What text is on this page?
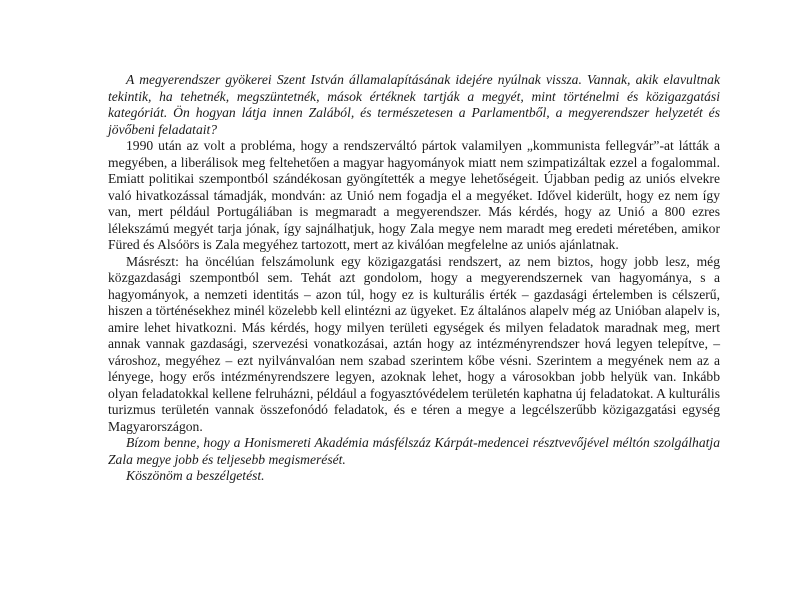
A megyerendszer gyökerei Szent István államalapításának idejére nyúlnak vissza. Vannak, akik elavultnak tekintik, ha tehetnék, megszüntetnék, mások értéknek tartják a megyét, mint történelmi és közigazgatási kategóriát. Ön hogyan látja innen Zalából, és természetesen a Parlamentből, a megyerendszer helyzetét és jövőbeni feladatait?

1990 után az volt a probléma, hogy a rendszerváltó pártok valamilyen „kommunista fellegvár”-at látták a megyében, a liberálisok meg feltehetően a magyar hagyományok miatt nem szimpatizáltak ezzel a fogalommal. Emiatt politikai szempontból szándékosan gyöngítették a megye lehetőségeit. Újabban pedig az uniós elvekre való hivatkozással támadják, mondván: az Unió nem fogadja el a megyéket. Idővel kiderült, hogy ez nem így van, mert például Portugáliában is megmaradt a megyerendszer. Más kérdés, hogy az Unió a 800 ezres lélekszámú megyét tarja jónak, így sajnálhatjuk, hogy Zala megye nem maradt meg eredeti méretében, amikor Füred és Alsóörs is Zala megyéhez tartozott, mert az kiválóan megfelelne az uniós ajánlatnak.

Másrészt: ha öncélúan felszámolunk egy közigazgatási rendszert, az nem biztos, hogy jobb lesz, még közgazdasági szempontból sem. Tehát azt gondolom, hogy a megyerendszernek van hagyománya, s a hagyományok, a nemzeti identitás – azon túl, hogy ez is kulturális érték – gazdasági értelemben is célszerű, hiszen a történésekhez minél közelebb kell elintézni az ügyeket. Ez általános alapelv még az Unióban alapelv is, amire lehet hivatkozni. Más kérdés, hogy milyen területi egységek és milyen feladatok maradnak meg, mert annak vannak gazdasági, szervezési vonatkozásai, aztán hogy az intézményrendszer hová legyen telepítve, – városhoz, megyéhez – ezt nyilvánvalóan nem szabad szerintem kőbe vésni. Szerintem a megyének nem az a lényege, hogy erős intézményrendszere legyen, azoknak lehet, hogy a városokban jobb helyük van. Inkább olyan feladatokkal kellene felruházni, például a fogyasztóvédelem területén kaphatna új feladatokat. A kulturális turizmus területén vannak összefonódó feladatok, és e téren a megye a legcélszerűbb közigazgatási egység Magyarországon.

Bízom benne, hogy a Honismereti Akadémia másfélszáz Kárpát-medencei résztvevőjével méltón szolgálhatja Zala megye jobb és teljesebb megismerését.

Köszönöm a beszélgetést.
